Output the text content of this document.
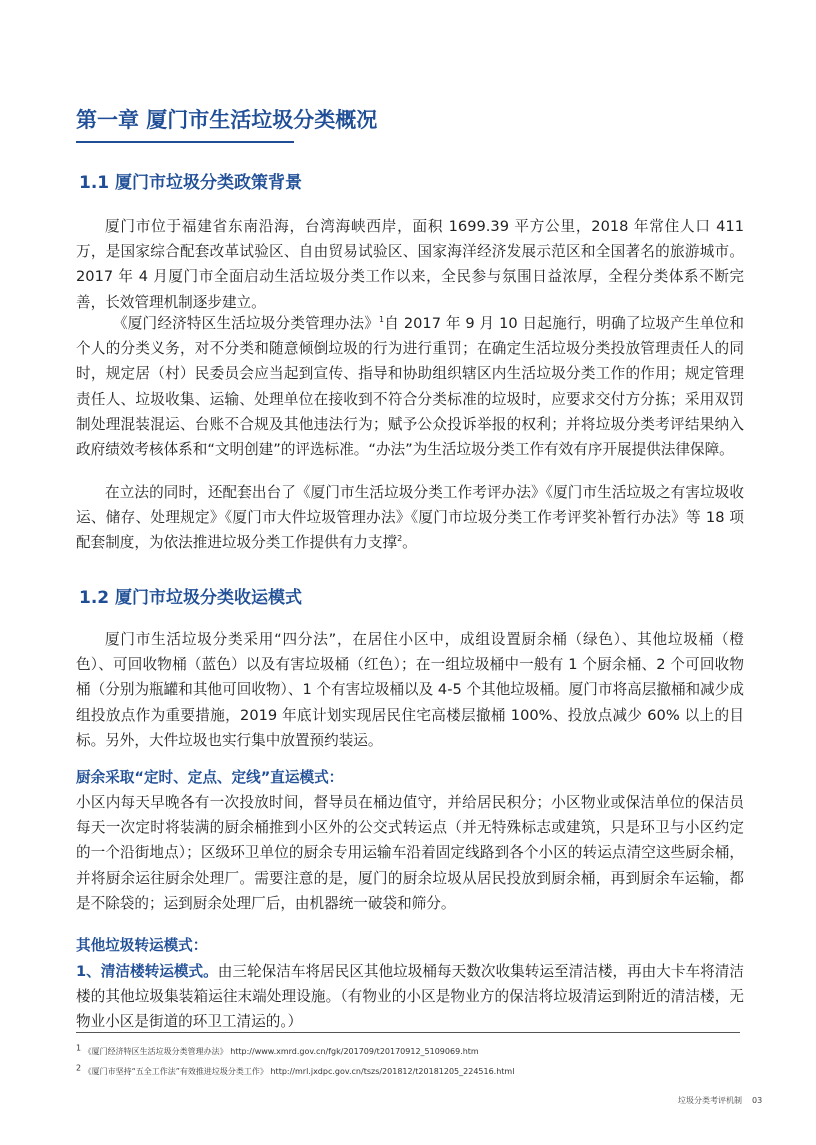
第一章 厦门市生活垃圾分类概况
1.1 厦门市垃圾分类政策背景

厦门市位于福建省东南沿海，台湾海峡西岸，面积 1699.39 平方公里，2018 年常住人口 411 万，是国家综合配套改革试验区、自由贸易试验区、国家海洋经济发展示范区和全国著名的旅游城市。2017 年 4 月厦门市全面启动生活垃圾分类工作以来，全民参与氛围日益浓厚，全程分类体系不断完善，长效管理机制逐步建立。

《厦门经济特区生活垃圾分类管理办法》$^1$自 2017 年 9 月 10 日起施行，明确了垃圾产生单位和个人的分类义务，对不分类和随意倾倒垃圾的行为进行重罚；在确定生活垃圾分类投放管理责任人的同时，规定居（村）民委员会应当起到宣传、指导和协助组织辖区内生活垃圾分类工作的作用；规定管理责任人、垃圾收集、运输、处理单位在接收到不符合分类标准的垃圾时，应要求交付方分拣；采用双罚制处理混装混运、台账不合规及其他违法行为；赋予公众投诉举报的权利；并将垃圾分类考评结果纳入政府绩效考核体系和“文明创建”的评选标准。“办法”为生活垃圾分类工作有效有序开展提供法律保障。

在立法的同时，还配套出台了《厦门市生活垃圾分类工作考评办法》《厦门市生活垃圾之有害垃圾收运、储存、处理规定》《厦门市大件垃圾管理办法》《厦门市垃圾分类工作考评奖补暂行办法》等 18 项配套制度，为依法推进垃圾分类工作提供有力支撑$^2$。

1.2 厦门市垃圾分类收运模式

厦门市生活垃圾分类采用“四分法”，在居住小区中，成组设置厨余桶（绿色）、其他垃圾桶（橙色）、可回收物桶（蓝色）以及有害垃圾桶（红色）；在一组垃圾桶中一般有 1 个厨余桶、2 个可回收物桶（分别为瓶罐和其他可回收物）、1 个有害垃圾桶以及 4-5 个其他垃圾桶。厦门市将高层撤桶和减少成组投放点作为重要措施，2019 年底计划实现居民住宅高楼层撤桶 100%、投放点减少 60% 以上的目标。另外，大件垃圾也实行集中放置预约装运。

厨余采取“定时、定点、定线”直运模式：

小区内每天早晚各有一次投放时间，督导员在桶边值守，并给居民积分；小区物业或保洁单位的保洁员每天一次定时将装满的厨余桶推到小区外的公交式转运点（并无特殊标志或建筑，只是环卫与小区约定的一个沿街地点）；区级环卫单位的厨余专用运输车沿着固定线路到各个小区的转运点清空这些厨余桶，并将厨余运往厨余处理厂。需要注意的是，厦门的厨余垃圾从居民投放到厨余桶，再到厨余车运输，都是不除袋的；运到厨余处理厂后，由机器统一破袋和筛分。

其他垃圾转运模式：

1、清洁楼转运模式。由三轮保洁车将居民区其他垃圾桶每天数次收集转运至清洁楼，再由大卡车将清洁楼的其他垃圾集装箱运往末端处理设施。（有物业的小区是物业方的保洁将垃圾清运到附近的清洁楼，无物业小区是街道的环卫工清运的。）

$^1$ 《厦门经济特区生活垃圾分类管理办法》 http://www.xmrd.gov.cn/fgk/201709/t20170912_5109069.htm

$^2$ 《厦门市坚持“五全工作法”有效推进垃圾分类工作》 http://mrl.jxdpc.gov.cn/tszs/201812/t20181205_224516.html

垃圾分类考评机制 03
